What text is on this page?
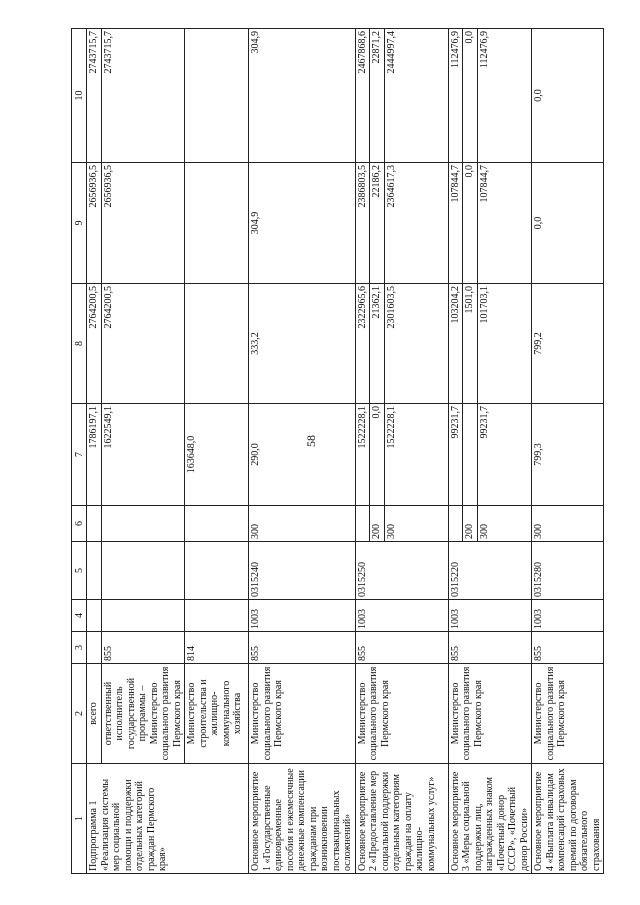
58
1	2	3	4	5	6	7	8	9	10
Подпрограмма 1 «Реализация системы мер социальной помощи и поддержки отдельных категорий граждан Пермского края»	всего					1786197,1	2764200,5	2656936,5	2743715,7
	ответственный исполнитель государственной программы – Министерство социального развития Пермского края	855				1622549,1	2764200,5	2656936,5	2743715,7
	Министерство строительства и жилищно-коммунального хозяйства	814				163648,0			
Основное мероприятие 1 «Государственные единовременные пособия и ежемесячные денежные компенсации гражданам при возникновении поствакцинальных осложнений»	Министерство социального развития Пермского края	855	1003	0315240	300	290,0	333,2	304,9	304,9
Основное мероприятие 2 «Предоставление мер социальной поддержки отдельным категориям граждан на оплату жилищно-коммунальных услуг»	Министерство социального развития Пермского края	855	1003	0315250		1522228,1	2322965,6	2386803,5	2467868,6
					200	0,0	21362,1	22186,2	22871,2
					300	1522228,1	2301603,5	2364617,3	2444997,4
Основное мероприятие 3 «Меры социальной поддержки лиц, награжденных знаком «Почетный донор СССР», «Почетный донор России»	Министерство социального развития Пермского края	855	1003	0315220		99231,7	103204,2	107844,7	112476,9
					200		1501,0	0,0	0,0
					300	99231,7	101703,1	107844,7	112476,9
Основное мероприятие 4 «Выплата инвалидам компенсаций страховых премий по договорам обязательного страхования	Министерство социального развития Пермского края	855	1003	0315280	300	799,3	799,2	0,0	0,0
